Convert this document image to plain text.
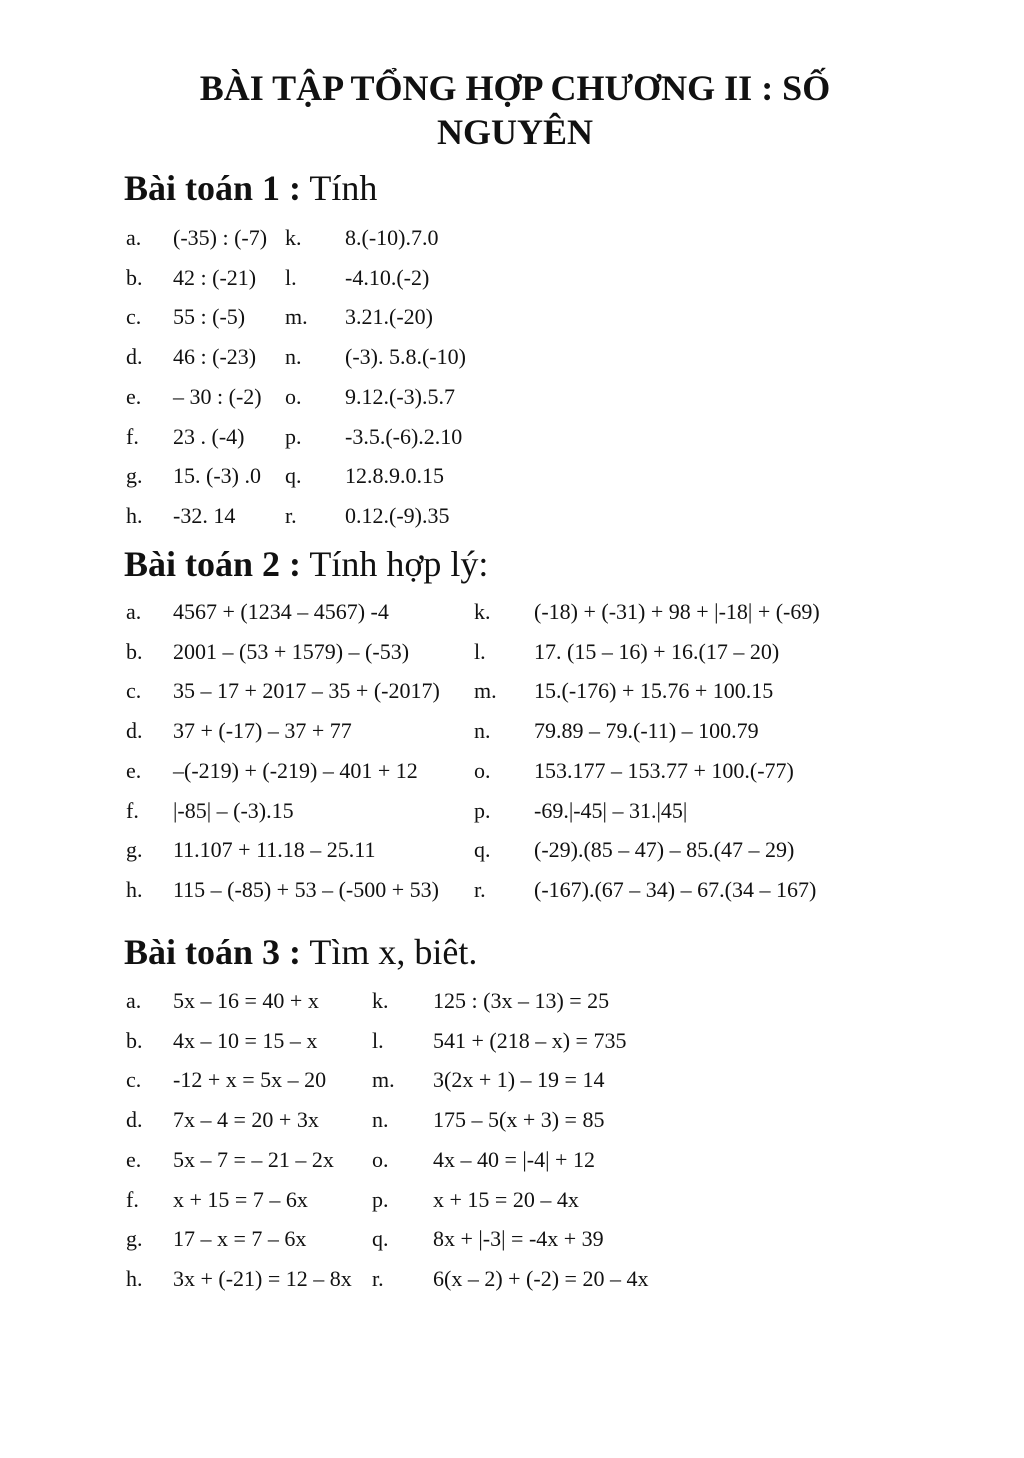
BÀI TẬP TỔNG HỢP CHƯƠNG II : SỐ
NGUYÊN
Bài toán 1 : Tính
a. (-35) : (-7) k. 8.(-10).7.0
b. 42 : (-21) l. -4.10.(-2)
c. 55 : (-5) m. 3.21.(-20)
d. 46 : (-23) n. (-3). 5.8.(-10)
e. – 30 : (-2) o. 9.12.(-3).5.7
f. 23 . (-4) p. -3.5.(-6).2.10
g. 15. (-3) .0 q. 12.8.9.0.15
h. -32. 14 r. 0.12.(-9).35
Bài toán 2 : Tính hợp lý:
a. 4567 + (1234 – 4567) -4	k. (-18) + (-31) + 98 + |-18| + (-69)
b. 2001 – (53 + 1579) – (-53)	l. 17. (15 – 16) + 16.(17 – 20)
c. 35 – 17 + 2017 – 35 + (-2017) m. 15.(-176) + 15.76 + 100.15
d. 37 + (-17) – 37 + 77	n. 79.89 – 79.(-11) – 100.79
e. –(-219) + (-219) – 401 + 12	o. 153.177 – 153.77 + 100.(-77)
f. |-85| – (-3).15	p. -69.|-45| – 31.|45|
g. 11.107 + 11.18 – 25.11	q. (-29).(85 – 47) – 85.(47 – 29)
h. 115 – (-85) + 53 – (-500 + 53) r. (-167).(67 – 34) – 67.(34 – 167)
Bài toán 3 : Tìm x, biêt.
a. 5x – 16 = 40 + x k. 125 : (3x – 13) = 25
b. 4x – 10 = 15 – x l. 541 + (218 – x) = 735
c. -12 + x = 5x – 20 m. 3(2x + 1) – 19 = 14
d. 7x – 4 = 20 + 3x n. 175 – 5(x + 3) = 85
e. 5x – 7 = – 21 – 2x o. 4x – 40 = |-4| + 12
f. x + 15 = 7 – 6x	p. x + 15 = 20 – 4x
g. 17 – x = 7 – 6x	q. 8x + |-3| = -4x + 39
h. 3x + (-21) = 12 – 8x r. 6(x – 2) + (-2) = 20 – 4x
